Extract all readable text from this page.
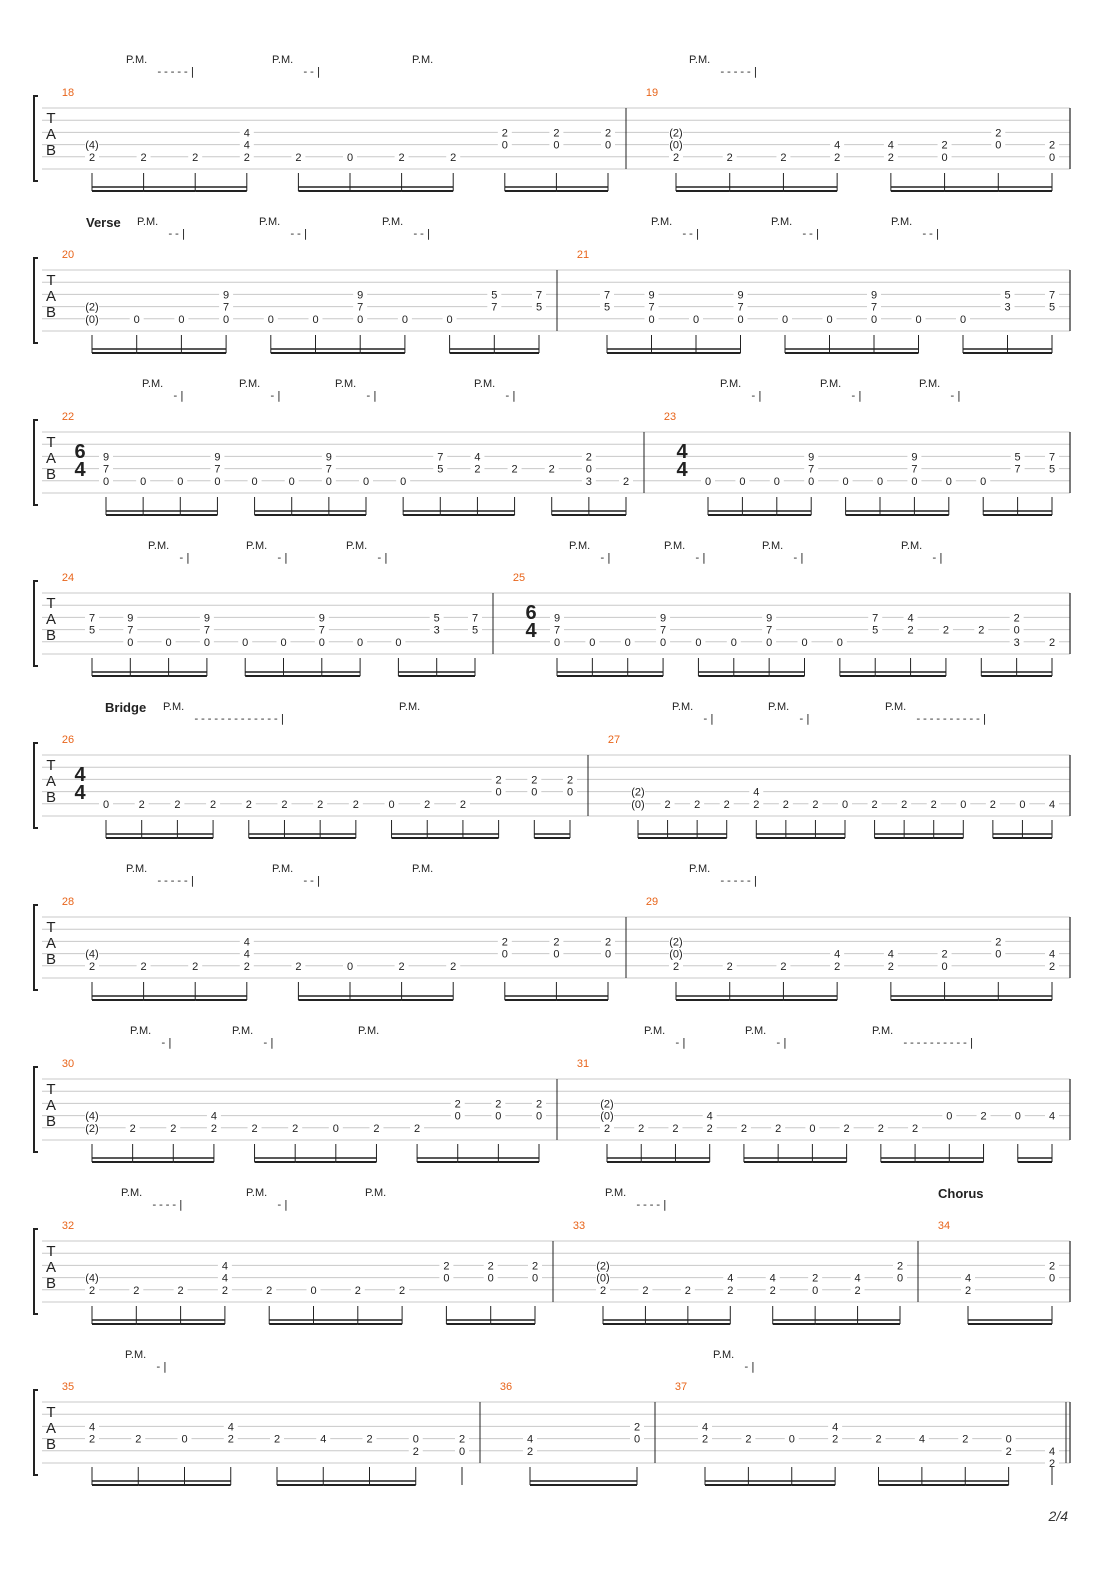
T
A
B
P.M.
-----|
P.M.
--|
P.M.	P.M.
-----|
18
(4)
2	2	2
4
4
2	2	0	2	2
2
0
2
0
2
0
19
(2)
(0)
2	2	2
4
2
4
2
2
0
2
0	2
0
T
A
B
Verse P.M.
--|
P.M.
--|
P.M.
--|
P.M.
--|
P.M.
--|
P.M.
--|
20
(2)
(0)	0	0
9
7
0	0	0
9
7
0	0	0
5
7
7
5
21
7
5
9
7
0	0
9
7
0	0	0
9
7
0	0	0
5
3
7
5
T
A
B
P.M.
-|
P.M.
-|
P.M.
-|
P.M.
-|
P.M.
-|
P.M.
-|
P.M.
-|
22
6
4
9
7
0	0	0
9
7
0	0	0
9
7
0	0	0
7
5
4
2	2	2
2
0
3	2
23
4
4
0	0	0
9
7
0	0	0
9
7
0	0	0
5
7
7
5
T
A
B
P.M.
-|
P.M.
-|
P.M.
-|
P.M.
-|
P.M.
-|
P.M.
-|
P.M.
-|
24
7
5
9
7
0	0
9
7
0	0	0
9
7
0	0	0
5
3
7
5
25
6
4
9
7
0	0	0
9
7
0	0	0
9
7
0	0	0
7
5
4
2	2	2
2
0
3	2
T
A
B
Bridge P.M.
-------------|
P.M.	P.M.
-|
P.M.
-|
P.M.
----------|
26
4
4
0	2	2	2	2	2	2	2	0	2	2
2
0
2
0
2
0
27
(2)
(0) 2 2 2
4
2 2 2 0 2 2 2 0 2 0 4
T
A
B
P.M.
-----|
P.M.
--|
P.M.	P.M.
-----|
28
(4)
2	2	2
4
4
2	2	0	2	2
2
0
2
0
2
0
29
(2)
(0)
2	2	2
4
2
4
2
2
0
2
0	4
2
T
A
B
P.M.
-|
P.M.
-|
P.M.	P.M.
-|
P.M.
-|
P.M.
----------|
30
(4)
(2)	2	2
4
2	2	2	0	2	2
2
0
2
0
2
0
31
(2)
(0)
2	2	2
4
2	2	2	0	2	2	2
0	2	0	4
T
A
B
Chorus
P.M.
----|
P.M.
-|
P.M.	P.M.
----|
32
(4)
2	2	2
4
4
2	2	0	2	2
2
0
2
0
2
0
33
(2)
(0)
2	2	2
4
2
4
2
2
0
4
2
2
0
34
4
2
2
0
T
A
B
P.M.
-|
P.M.
-|
35
4
2	2	0
4
2	2	4	2	0
2
2
0
36
4
2
2
0
37
4
2	2	0
4
2	2	4	2	0
2	4
2
2/4
